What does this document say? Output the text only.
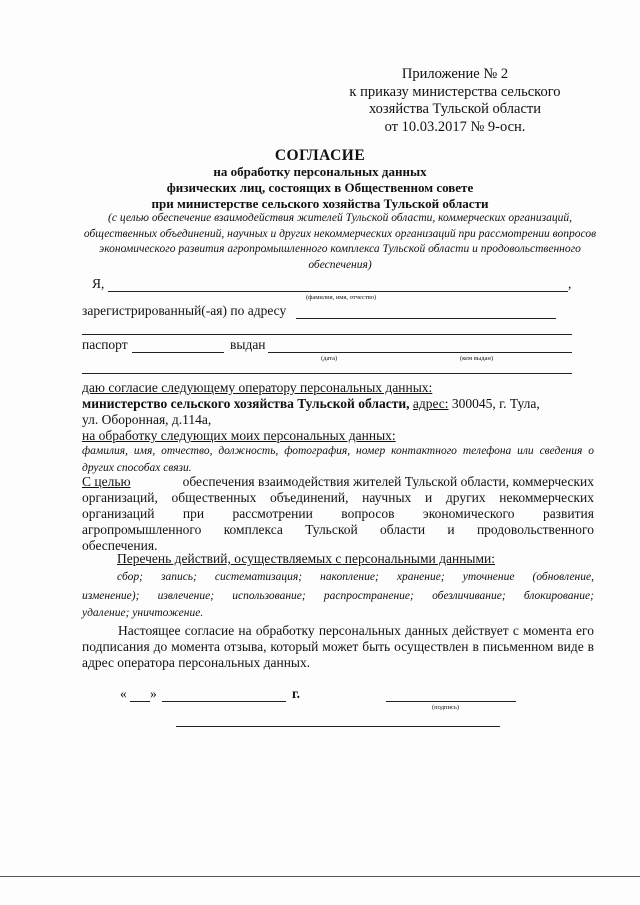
Приложение № 2
к приказу министерства сельского
хозяйства Тульской области
от 10.03.2017 № 9-осн.
СОГЛАСИЕ
на обработку персональных данных
физических лиц, состоящих в Общественном совете
при министерстве сельского хозяйства Тульской области
(с целью обеспечение взаимодействия жителей Тульской области, коммерческих организаций, общественных объединений, научных и других некоммерческих организаций при рассмотрении вопросов экономического развития агропромышленного комплекса Тульской области и продовольственного обеспечения)
Я,	,
(фамилия, имя, отчество)
зарегистрированный(-ая) по адресу
паспорт	выдан
(дата)	(кем выдан)
даю согласие следующему оператору персональных данных:
министерство сельского хозяйства Тульской области, адрес: 300045, г. Тула,
ул. Оборонная, д.114а,
на обработку следующих моих персональных данных:
фамилия, имя, отчество, должность, фотография, номер контактного телефона или сведения о других способах связи.
С целью	обеспечения взаимодействия жителей Тульской области, коммерческих
организаций, общественных объединений, научных и других некоммерческих
организаций при рассмотрении вопросов экономического развития
агропромышленного комплекса Тульской области и продовольственного
обеспечения.
Перечень действий, осуществляемых с персональными данными:
сбор; запись; систематизация; накопление; хранение; уточнение (обновление,
изменение); извлечение; использование; распространение; обезличивание; блокирование;
удаление; уничтожение.
Настоящее согласие на обработку персональных данных действует с момента его подписания до момента отзыва, который может быть осуществлен в письменном виде в адрес оператора персональных данных.
« »	г.
(подпись)
